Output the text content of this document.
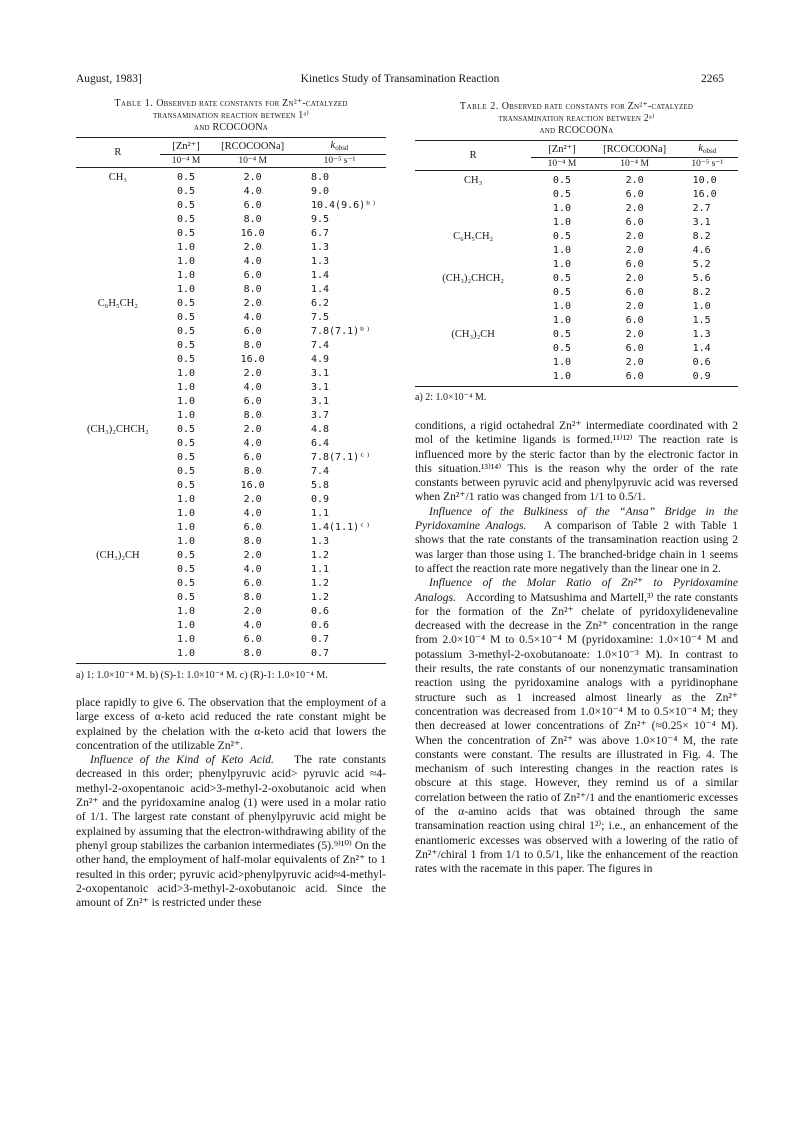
August, 1983]	Kinetics Study of Transamination Reaction	2265
Table 1. Observed rate constants for Zn²⁺-catalyzed
transamination reaction between 1ᵃ⁾
and RCOCOONa
R	[Zn²⁺]	[RCOCOONa]	$k_{obsd}$
	10⁻⁴ M	10⁻⁴ M	10⁻⁵ s⁻¹
CH₃	0.5	2.0	8.0
	0.5	4.0	9.0
	0.5	6.0	10.4(9.6)ᵇ⁾
	0.5	8.0	9.5
	0.5	16.0	6.7
	1.0	2.0	1.3
	1.0	4.0	1.3
	1.0	6.0	1.4
	1.0	8.0	1.4
C₆H₅CH₂	0.5	2.0	6.2
	0.5	4.0	7.5
	0.5	6.0	7.8(7.1)ᵇ⁾
	0.5	8.0	7.4
	0.5	16.0	4.9
	1.0	2.0	3.1
	1.0	4.0	3.1
	1.0	6.0	3.1
	1.0	8.0	3.7
(CH₃)₂CHCH₂	0.5	2.0	4.8
	0.5	4.0	6.4
	0.5	6.0	7.8(7.1)ᶜ⁾
	0.5	8.0	7.4
	0.5	16.0	5.8
	1.0	2.0	0.9
	1.0	4.0	1.1
	1.0	6.0	1.4(1.1)ᶜ⁾
	1.0	8.0	1.3
(CH₃)₂CH	0.5	2.0	1.2
	0.5	4.0	1.1
	0.5	6.0	1.2
	0.5	8.0	1.2
	1.0	2.0	0.6
	1.0	4.0	0.6
	1.0	6.0	0.7
	1.0	8.0	0.7
a) 1: 1.0×10⁻⁴ M. b) (S)-1: 1.0×10⁻⁴ M. c) (R)-1: 1.0×10⁻⁴ M.

place rapidly to give 6. The observation that the employment of a large excess of α-keto acid reduced the rate constant might be explained by the chelation with the α-keto acid that lowers the concentration of the utilizable Zn²⁺.

Influence of the Kind of Keto Acid. The rate constants decreased in this order; phenylpyruvic acid> pyruvic acid ≈4-methyl-2-oxopentanoic acid>3-methyl-2-oxobutanoic acid when Zn²⁺ and the pyridoxamine analog (1) were used in a molar ratio of 1/1. The largest rate constant of phenylpyruvic acid might be explained by assuming that the electron-withdrawing ability of the phenyl group stabilizes the carbanion intermediates (5).⁹⁾¹⁰⁾ On the other hand, the employment of half-molar equivalents of Zn²⁺ to 1 resulted in this order; pyruvic acid>phenylpyruvic acid≈4-methyl-2-oxopentanoic acid>3-methyl-2-oxobutanoic acid. Since the amount of Zn²⁺ is restricted under these

Table 2. Observed rate constants for Zn²⁺-catalyzed
transamination reaction between 2ᵃ⁾
and RCOCOONa
R	[Zn²⁺]	[RCOCOONa]	$k_{obsd}$
	10⁻⁴ M	10⁻⁴ M	10⁻⁵ s⁻¹
CH₃	0.5	2.0	10.0
	0.5	6.0	16.0
	1.0	2.0	2.7
	1.0	6.0	3.1
C₆H₅CH₂	0.5	2.0	8.2
	1.0	2.0	4.6
	1.0	6.0	5.2
(CH₃)₂CHCH₂	0.5	2.0	5.6
	0.5	6.0	8.2
	1.0	2.0	1.0
	1.0	6.0	1.5
(CH₃)₂CH	0.5	2.0	1.3
	0.5	6.0	1.4
	1.0	2.0	0.6
	1.0	6.0	0.9
a) 2: 1.0×10⁻⁴ M.

conditions, a rigid octahedral Zn²⁺ intermediate coordinated with 2 mol of the ketimine ligands is formed.¹¹⁾¹²⁾ The reaction rate is influenced more by the steric factor than by the electronic factor in this situation.¹³⁾¹⁴⁾ This is the reason why the order of the rate constants between pyruvic acid and phenylpyruvic acid was reversed when Zn²⁺/1 ratio was changed from 1/1 to 0.5/1.

Influence of the Bulkiness of the “Ansa” Bridge in the Pyridoxamine Analogs. A comparison of Table 2 with Table 1 shows that the rate constants of the transamination reaction using 2 was larger than those using 1. The branched-bridge chain in 1 seems to affect the reaction rate more negatively than the linear one in 2.

Influence of the Molar Ratio of Zn²⁺ to Pyridoxamine Analogs. According to Matsushima and Martell,³⁾ the rate constants for the formation of the Zn²⁺ chelate of pyridoxylidenevaline decreased with the decrease in the Zn²⁺ concentration in the range from 2.0×10⁻⁴ M to 0.5×10⁻⁴ M (pyridoxamine: 1.0×10⁻⁴ M and potassium 3-methyl-2-oxobutanoate: 1.0×10⁻³ M). In contrast to their results, the rate constants of our nonenzymatic transamination reaction using the pyridoxamine analogs with a pyridinophane structure such as 1 increased almost linearly as the Zn²⁺ concentration was decreased from 1.0×10⁻⁴ M to 0.5×10⁻⁴ M; they then decreased at lower concentrations of Zn²⁺ (≈0.25× 10⁻⁴ M). When the concentration of Zn²⁺ was above 1.0×10⁻⁴ M, the rate constants were constant. The results are illustrated in Fig. 4. The mechanism of such interesting changes in the reaction rates is obscure at this stage. However, they remind us of a similar correlation between the ratio of Zn²⁺/1 and the enantiomeric excesses of the α-amino acids that was obtained through the same transamination reaction using chiral 1²⁾; i.e., an enhancement of the enantiomeric excesses was observed with a lowering of the ratio of Zn²⁺/chiral 1 from 1/1 to 0.5/1, like the enhancement of the reaction rates with the racemate in this paper. The figures in
